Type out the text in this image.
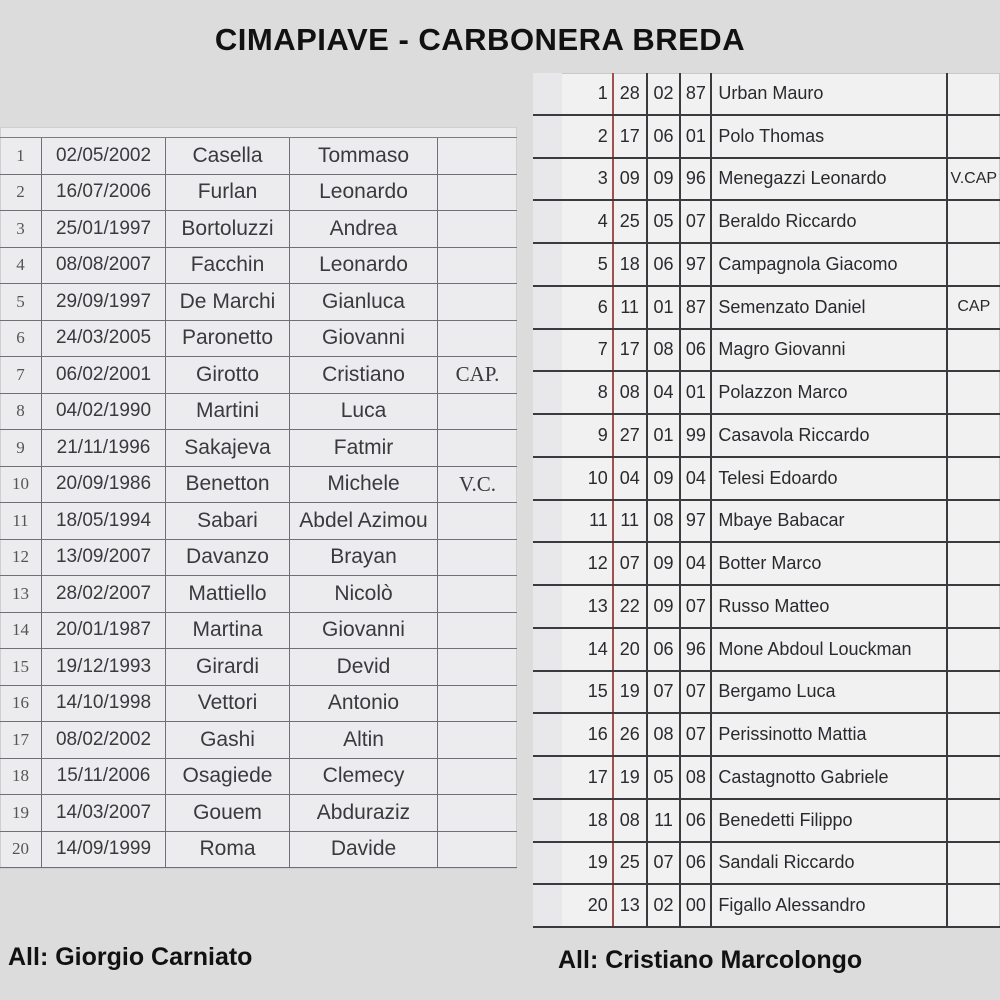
CIMAPIAVE - CARBONERA BREDA
1	02/05/2002	Casella	Tommaso
2	16/07/2006	Furlan	Leonardo
3	25/01/1997	Bortoluzzi	Andrea
4	08/08/2007	Facchin	Leonardo
5	29/09/1997	De Marchi	Gianluca
6	24/03/2005	Paronetto	Giovanni
7	06/02/2001	Girotto	Cristiano	CAP.
8	04/02/1990	Martini	Luca
9	21/11/1996	Sakajeva	Fatmir
10	20/09/1986	Benetton	Michele	V.C.
11	18/05/1994	Sabari	Abdel Azimou
12	13/09/2007	Davanzo	Brayan
13	28/02/2007	Mattiello	Nicolò
14	20/01/1987	Martina	Giovanni
15	19/12/1993	Girardi	Devid
16	14/10/1998	Vettori	Antonio
17	08/02/2002	Gashi	Altin
18	15/11/2006	Osagiede	Clemecy
19	14/03/2007	Gouem	Abduraziz
20	14/09/1999	Roma	Davide
1 28 02 87 Urban Mauro
2 17 06 01 Polo Thomas
3 09 09 96 Menegazzi Leonardo	V.CAP
4 25 05 07 Beraldo Riccardo
5 18 06 97 Campagnola Giacomo
6 11 01 87 Semenzato Daniel	CAP
7 17 08 06 Magro Giovanni
8 08 04 01 Polazzon Marco
9 27 01 99 Casavola Riccardo
10 04 09 04 Telesi Edoardo
11 11 08 97 Mbaye Babacar
12 07 09 04 Botter Marco
13 22 09 07 Russo Matteo
14 20 06 96 Mone Abdoul Louckman
15 19 07 07 Bergamo Luca
16 26 08 07 Perissinotto Mattia
17 19 05 08 Castagnotto Gabriele
18 08 11 06 Benedetti Filippo
19 25 07 06 Sandali Riccardo
20 13 02 00 Figallo Alessandro
All: Giorgio Carniato	All: Cristiano Marcolongo
